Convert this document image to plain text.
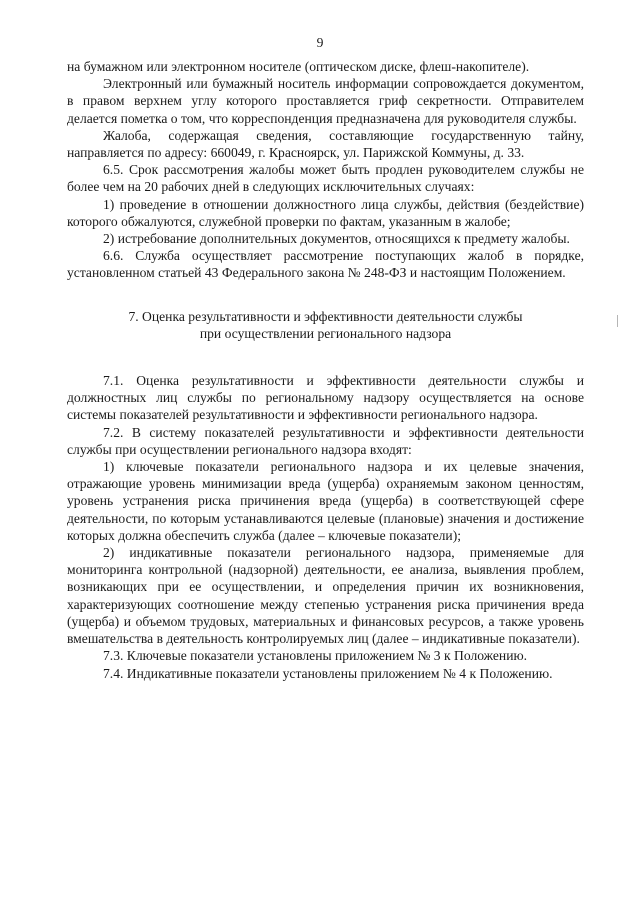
9

на бумажном или электронном носителе (оптическом диске, флеш-накопителе).

Электронный или бумажный носитель информации сопровождается документом, в правом верхнем углу которого проставляется гриф секретности. Отправителем делается пометка о том, что корреспонденция предназначена для руководителя службы.

Жалоба, содержащая сведения, составляющие государственную тайну, направляется по адресу: 660049, г. Красноярск, ул. Парижской Коммуны, д. 33.

6.5. Срок рассмотрения жалобы может быть продлен руководителем службы не более чем на 20 рабочих дней в следующих исключительных случаях:

1) проведение в отношении должностного лица службы, действия (бездействие) которого обжалуются, служебной проверки по фактам, указанным в жалобе;

2) истребование дополнительных документов, относящихся к предмету жалобы.

6.6. Служба осуществляет рассмотрение поступающих жалоб в порядке, установленном статьей 43 Федерального закона № 248-ФЗ и настоящим Положением.

7. Оценка результативности и эффективности деятельности службы
при осуществлении регионального надзора

7.1. Оценка результативности и эффективности деятельности службы и должностных лиц службы по региональному надзору осуществляется на основе системы показателей результативности и эффективности регионального надзора.

7.2. В систему показателей результативности и эффективности деятельности службы при осуществлении регионального надзора входят:

1) ключевые показатели регионального надзора и их целевые значения, отражающие уровень минимизации вреда (ущерба) охраняемым законом ценностям, уровень устранения риска причинения вреда (ущерба) в соответствующей сфере деятельности, по которым устанавливаются целевые (плановые) значения и достижение которых должна обеспечить служба (далее – ключевые показатели);

2) индикативные показатели регионального надзора, применяемые для мониторинга контрольной (надзорной) деятельности, ее анализа, выявления проблем, возникающих при ее осуществлении, и определения причин их возникновения, характеризующих соотношение между степенью устранения риска причинения вреда (ущерба) и объемом трудовых, материальных и финансовых ресурсов, а также уровень вмешательства в деятельность контролируемых лиц (далее – индикативные показатели).

7.3. Ключевые показатели установлены приложением № 3 к Положению.

7.4. Индикативные показатели установлены приложением № 4 к Положению.
